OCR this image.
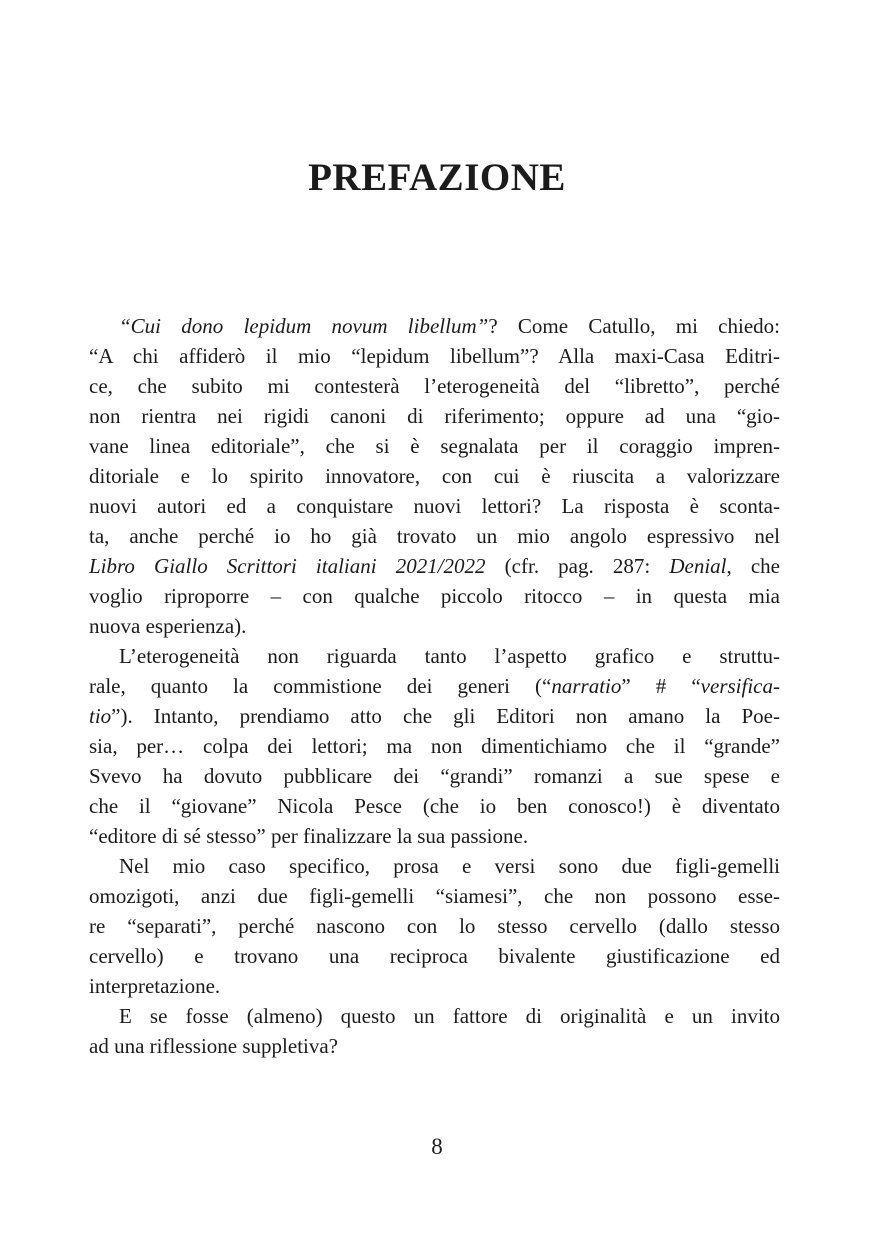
PREFAZIONE
“Cui dono lepidum novum libellum”? Come Catullo, mi chiedo:
“A chi affiderò il mio “lepidum libellum”? Alla maxi-Casa Editri-
ce, che subito mi contesterà l’eterogeneità del “libretto”, perché
non rientra nei rigidi canoni di riferimento; oppure ad una “gio-
vane linea editoriale”, che si è segnalata per il coraggio impren-
ditoriale e lo spirito innovatore, con cui è riuscita a valorizzare
nuovi autori ed a conquistare nuovi lettori? La risposta è sconta-
ta, anche perché io ho già trovato un mio angolo espressivo nel
Libro Giallo Scrittori italiani 2021/2022 (cfr. pag. 287: Denial, che
voglio riproporre – con qualche piccolo ritocco – in questa mia
nuova esperienza).
L’eterogeneità non riguarda tanto l’aspetto grafico e struttu-
rale, quanto la commistione dei generi (“narratio” # “versifica-
tio”). Intanto, prendiamo atto che gli Editori non amano la Poe-
sia, per… colpa dei lettori; ma non dimentichiamo che il “grande”
Svevo ha dovuto pubblicare dei “grandi” romanzi a sue spese e
che il “giovane” Nicola Pesce (che io ben conosco!) è diventato
“editore di sé stesso” per finalizzare la sua passione.
Nel mio caso specifico, prosa e versi sono due figli-gemelli
omozigoti, anzi due figli-gemelli “siamesi”, che non possono esse-
re “separati”, perché nascono con lo stesso cervello (dallo stesso
cervello) e trovano una reciproca bivalente giustificazione ed
interpretazione.
E se fosse (almeno) questo un fattore di originalità e un invito
ad una riflessione suppletiva?
8
